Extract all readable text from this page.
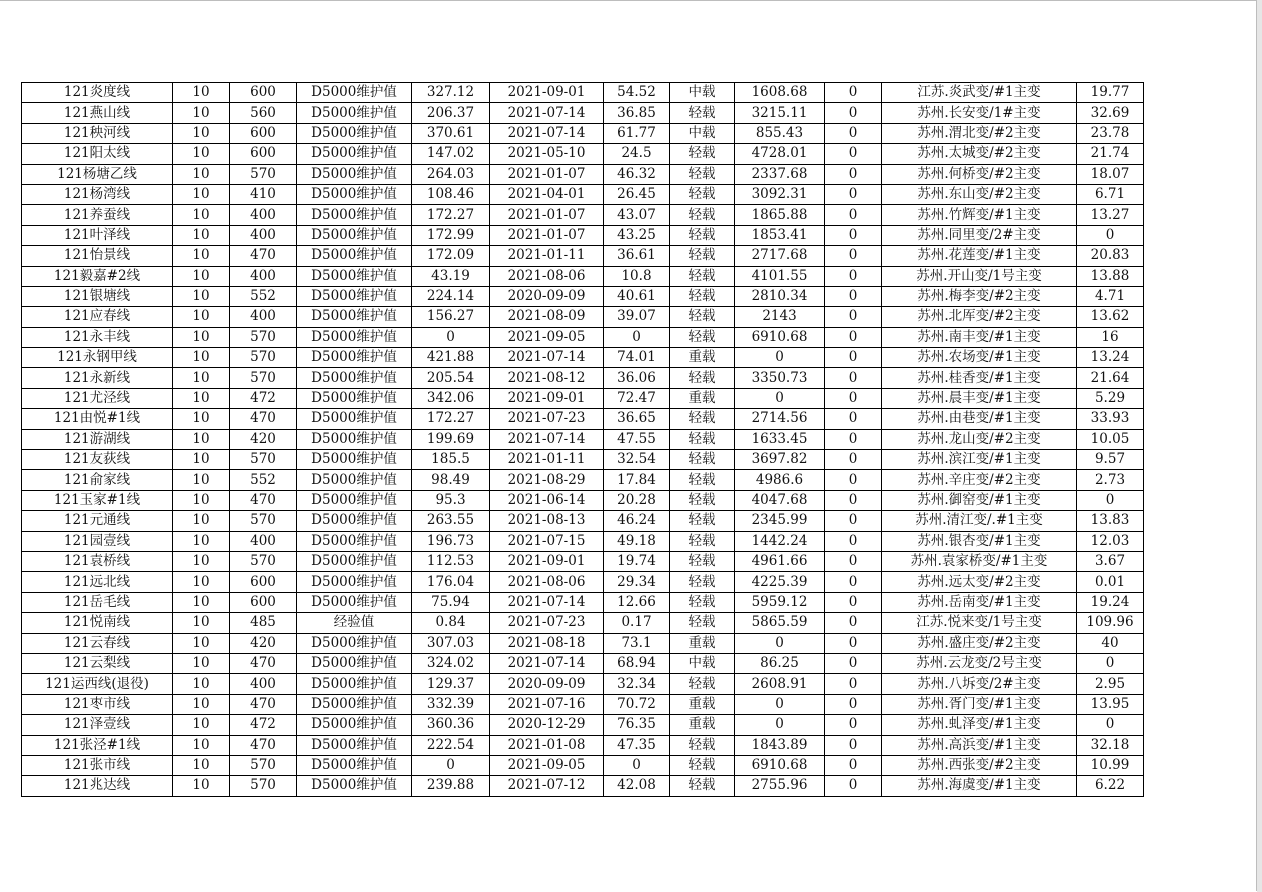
121炎度线	10	600	D5000维护值	327.12	2021-09-01	54.52	中载	1608.68	0	江苏.炎武变/#1主变	19.77
121燕山线	10	560	D5000维护值	206.37	2021-07-14	36.85	轻载	3215.11	0	苏州.长安变/1#主变	32.69
121秧河线	10	600	D5000维护值	370.61	2021-07-14	61.77	中载	855.43	0	苏州.渭北变/#2主变	23.78
121阳太线	10	600	D5000维护值	147.02	2021-05-10	24.5	轻载	4728.01	0	苏州.太城变/#2主变	21.74
121杨塘乙线	10	570	D5000维护值	264.03	2021-01-07	46.32	轻载	2337.68	0	苏州.何桥变/#2主变	18.07
121杨湾线	10	410	D5000维护值	108.46	2021-04-01	26.45	轻载	3092.31	0	苏州.东山变/#2主变	6.71
121养蚕线	10	400	D5000维护值	172.27	2021-01-07	43.07	轻载	1865.88	0	苏州.竹辉变/#1主变	13.27
121叶泽线	10	400	D5000维护值	172.99	2021-01-07	43.25	轻载	1853.41	0	苏州.同里变/2#主变	0
121怡景线	10	470	D5000维护值	172.09	2021-01-11	36.61	轻载	2717.68	0	苏州.花莲变/#1主变	20.83
121毅嘉#2线	10	400	D5000维护值	43.19	2021-08-06	10.8	轻载	4101.55	0	苏州.开山变/1号主变	13.88
121银塘线	10	552	D5000维护值	224.14	2020-09-09	40.61	轻载	2810.34	0	苏州.梅李变/#2主变	4.71
121应春线	10	400	D5000维护值	156.27	2021-08-09	39.07	轻载	2143	0	苏州.北厍变/#2主变	13.62
121永丰线	10	570	D5000维护值	0	2021-09-05	0	轻载	6910.68	0	苏州.南丰变/#1主变	16
121永钢甲线	10	570	D5000维护值	421.88	2021-07-14	74.01	重载	0	0	苏州.农场变/#1主变	13.24
121永新线	10	570	D5000维护值	205.54	2021-08-12	36.06	轻载	3350.73	0	苏州.桂香变/#1主变	21.64
121尤泾线	10	472	D5000维护值	342.06	2021-09-01	72.47	重载	0	0	苏州.晨丰变/#1主变	5.29
121由悦#1线	10	470	D5000维护值	172.27	2021-07-23	36.65	轻载	2714.56	0	苏州.由巷变/#1主变	33.93
121游湖线	10	420	D5000维护值	199.69	2021-07-14	47.55	轻载	1633.45	0	苏州.龙山变/#2主变	10.05
121友荻线	10	570	D5000维护值	185.5	2021-01-11	32.54	轻载	3697.82	0	苏州.滨江变/#1主变	9.57
121俞家线	10	552	D5000维护值	98.49	2021-08-29	17.84	轻载	4986.6	0	苏州.辛庄变/#2主变	2.73
121玉家#1线	10	470	D5000维护值	95.3	2021-06-14	20.28	轻载	4047.68	0	苏州.御窑变/#1主变	0
121元通线	10	570	D5000维护值	263.55	2021-08-13	46.24	轻载	2345.99	0	苏州.清江变/.#1主变	13.83
121园壹线	10	400	D5000维护值	196.73	2021-07-15	49.18	轻载	1442.24	0	苏州.银杏变/#1主变	12.03
121袁桥线	10	570	D5000维护值	112.53	2021-09-01	19.74	轻载	4961.66	0	苏州.袁家桥变/#1主变	3.67
121远北线	10	600	D5000维护值	176.04	2021-08-06	29.34	轻载	4225.39	0	苏州.远太变/#2主变	0.01
121岳毛线	10	600	D5000维护值	75.94	2021-07-14	12.66	轻载	5959.12	0	苏州.岳南变/#1主变	19.24
121悦南线	10	485	经验值	0.84	2021-07-23	0.17	轻载	5865.59	0	江苏.悦来变/1号主变	109.96
121云春线	10	420	D5000维护值	307.03	2021-08-18	73.1	重载	0	0	苏州.盛庄变/#2主变	40
121云梨线	10	470	D5000维护值	324.02	2021-07-14	68.94	中载	86.25	0	苏州.云龙变/2号主变	0
121运西线(退役)	10	400	D5000维护值	129.37	2020-09-09	32.34	轻载	2608.91	0	苏州.八坼变/2#主变	2.95
121枣市线	10	470	D5000维护值	332.39	2021-07-16	70.72	重载	0	0	苏州.胥门变/#1主变	13.95
121泽壹线	10	472	D5000维护值	360.36	2020-12-29	76.35	重载	0	0	苏州.虬泽变/#1主变	0
121张泾#1线	10	470	D5000维护值	222.54	2021-01-08	47.35	轻载	1843.89	0	苏州.高浜变/#1主变	32.18
121张市线	10	570	D5000维护值	0	2021-09-05	0	轻载	6910.68	0	苏州.西张变/#2主变	10.99
121兆达线	10	570	D5000维护值	239.88	2021-07-12	42.08	轻载	2755.96	0	苏州.海虞变/#1主变	6.22
